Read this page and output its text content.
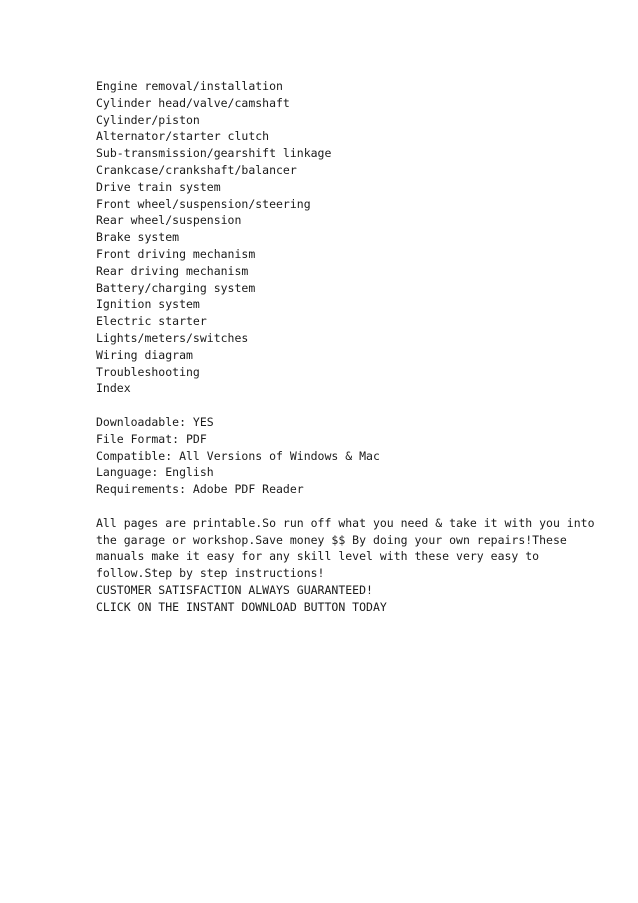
Engine removal/installation
Cylinder head/valve/camshaft
Cylinder/piston
Alternator/starter clutch
Sub-transmission/gearshift linkage
Crankcase/crankshaft/balancer
Drive train system
Front wheel/suspension/steering
Rear wheel/suspension
Brake system
Front driving mechanism
Rear driving mechanism
Battery/charging system
Ignition system
Electric starter
Lights/meters/switches
Wiring diagram
Troubleshooting
Index
Downloadable: YES
File Format: PDF
Compatible: All Versions of Windows & Mac
Language: English
Requirements: Adobe PDF Reader
All pages are printable.So run off what you need & take it with you into
the garage or workshop.Save money $$ By doing your own repairs!These
manuals make it easy for any skill level with these very easy to
follow.Step by step instructions!
CUSTOMER SATISFACTION ALWAYS GUARANTEED!
CLICK ON THE INSTANT DOWNLOAD BUTTON TODAY
